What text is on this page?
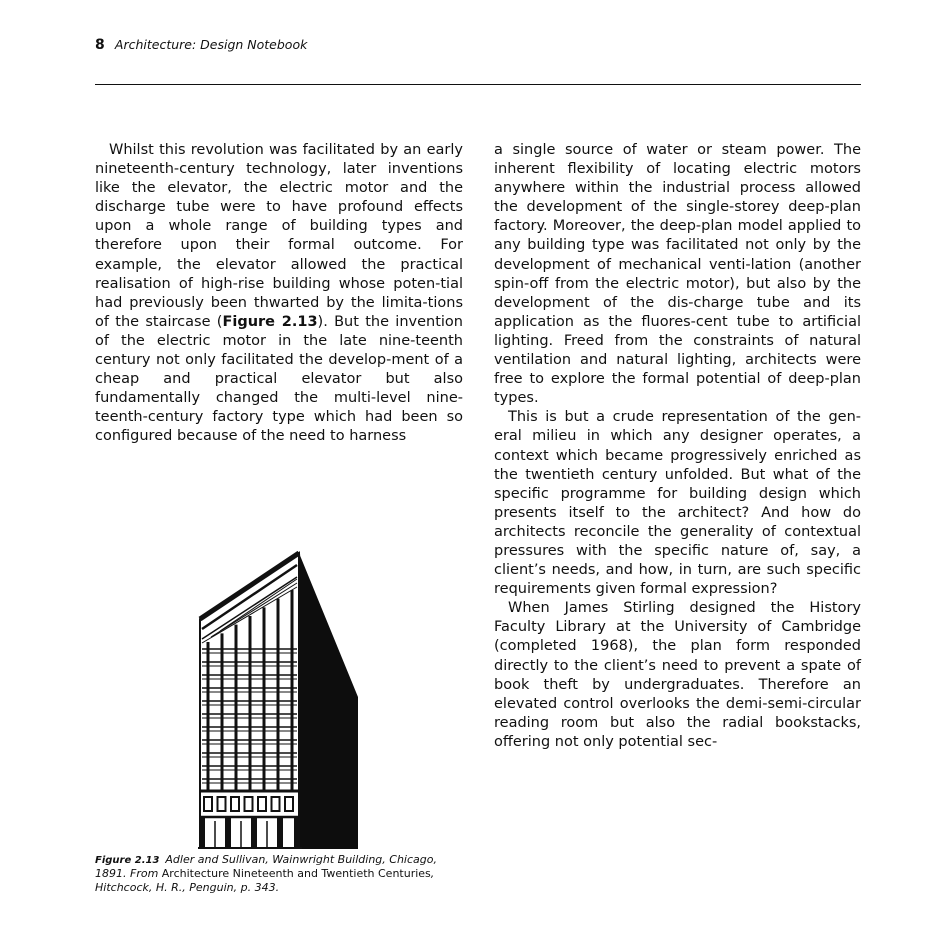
8 Architecture: Design Notebook

Whilst this revolution was facilitated by an early nineteenth-century technology, later inventions like the elevator, the electric motor and the discharge tube were to have profound effects upon a whole range of building types and therefore upon their formal outcome. For example, the elevator allowed the practical realisation of high-rise building whose poten-tial had previously been thwarted by the limita-tions of the staircase (Figure 2.13). But the invention of the electric motor in the late nine-teenth century not only facilitated the develop-ment of a cheap and practical elevator but also fundamentally changed the multi-level nine-teenth-century factory type which had been so configured because of the need to harness

Figure 2.13 Adler and Sullivan, Wainwright Building, Chicago, 1891. From Architecture Nineteenth and Twentieth Centuries, Hitchcock, H. R., Penguin, p. 343.

a single source of water or steam power. The inherent flexibility of locating electric motors anywhere within the industrial process allowed the development of the single-storey deep-plan factory. Moreover, the deep-plan model applied to any building type was facilitated not only by the development of mechanical venti-lation (another spin-off from the electric motor), but also by the development of the dis-charge tube and its application as the fluores-cent tube to artificial lighting. Freed from the constraints of natural ventilation and natural lighting, architects were free to explore the formal potential of deep-plan types.

This is but a crude representation of the gen-eral milieu in which any designer operates, a context which became progressively enriched as the twentieth century unfolded. But what of the specific programme for building design which presents itself to the architect? And how do architects reconcile the generality of contextual pressures with the specific nature of, say, a client’s needs, and how, in turn, are such specific requirements given formal expression?

When James Stirling designed the History Faculty Library at the University of Cambridge (completed 1968), the plan form responded directly to the client’s need to prevent a spate of book theft by undergraduates. Therefore an elevated control overlooks the demi-semi-circular reading room but also the radial bookstacks, offering not only potential sec-
